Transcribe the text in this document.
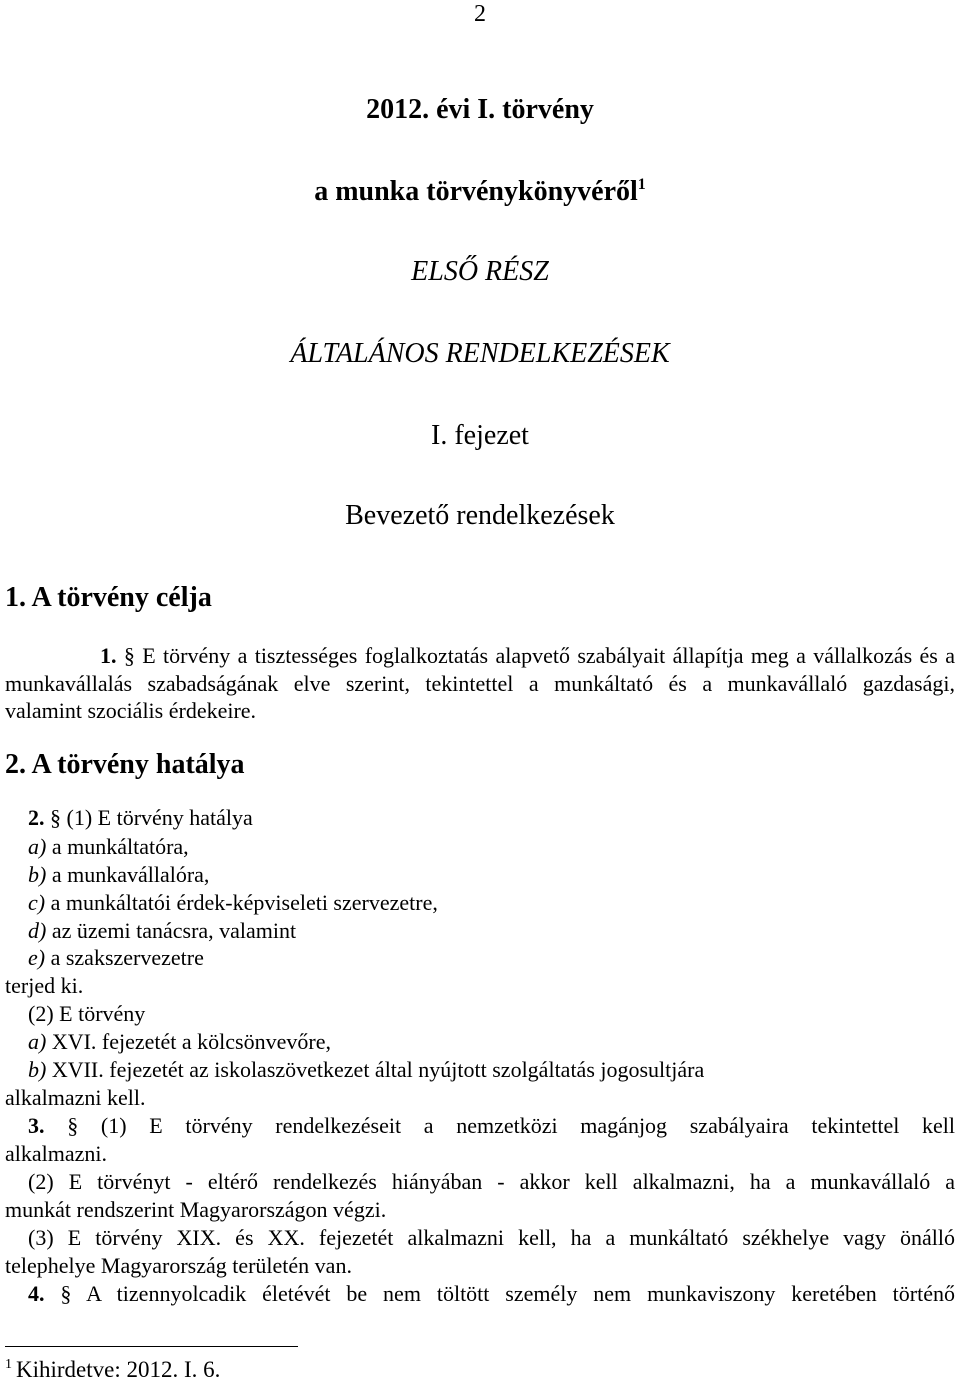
2
2012. évi I. törvény
a munka törvénykönyvéről$^1$
ELSŐ RÉSZ
ÁLTALÁNOS RENDELKEZÉSEK
I. fejezet
Bevezető rendelkezések
1. A törvény célja
1. § E törvény a tisztességes foglalkoztatás alapvető szabályait állapítja meg a vállalkozás és a
munkavállalás szabadságának elve szerint, tekintettel a munkáltató és a munkavállaló gazdasági,
valamint szociális érdekeire.
2. A törvény hatálya
2. § (1) E törvény hatálya
a) a munkáltatóra,
b) a munkavállalóra,
c) a munkáltatói érdek-képviseleti szervezetre,
d) az üzemi tanácsra, valamint
e) a szakszervezetre
terjed ki.
(2) E törvény
a) XVI. fejezetét a kölcsönvevőre,
b) XVII. fejezetét az iskolaszövetkezet által nyújtott szolgáltatás jogosultjára
alkalmazni kell.
3. § (1) E törvény rendelkezéseit a nemzetközi magánjog szabályaira tekintettel kell
alkalmazni.
(2) E törvényt - eltérő rendelkezés hiányában - akkor kell alkalmazni, ha a munkavállaló a
munkát rendszerint Magyarországon végzi.
(3) E törvény XIX. és XX. fejezetét alkalmazni kell, ha a munkáltató székhelye vagy önálló
telephelye Magyarország területén van.
4. § A tizennyolcadik életévét be nem töltött személy nem munkaviszony keretében történő
$^1$ Kihirdetve: 2012. I. 6.
